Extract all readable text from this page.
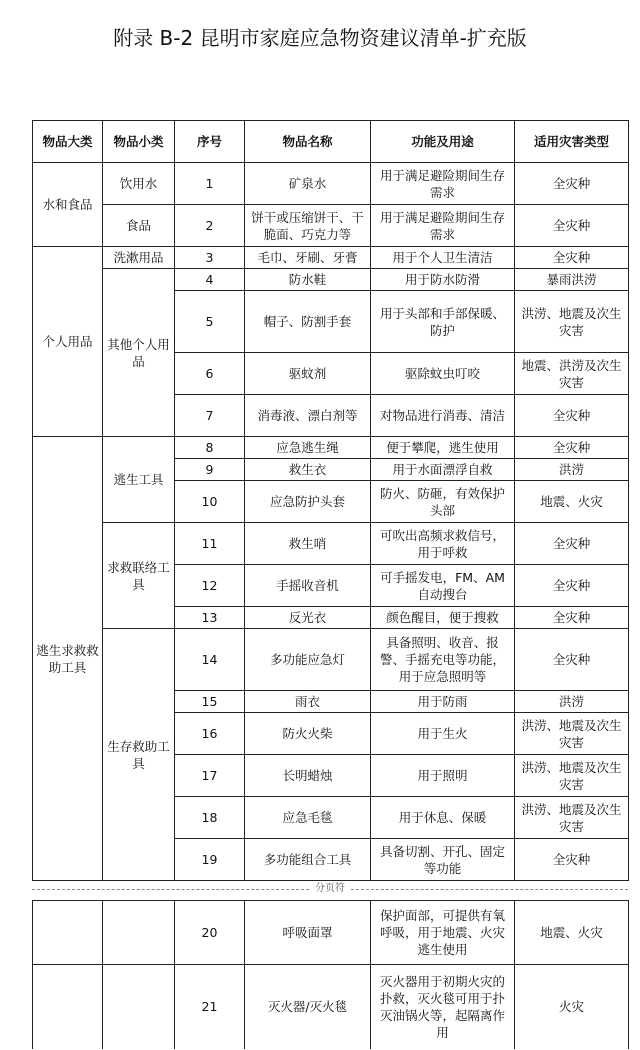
附录 B-2 昆明市家庭应急物资建议清单-扩充版
物品大类	物品小类	序号	物品名称	功能及用途	适用灾害类型
水和食品	饮用水	1	矿泉水	用于满足避险期间生存需求	全灾种
	食品	2	饼干或压缩饼干、干脆面、巧克力等	用于满足避险期间生存需求	全灾种
个人用品	洗漱用品	3	毛巾、牙刷、牙膏	用于个人卫生清洁	全灾种
	其他个人用品	4	防水鞋	用于防水防滑	暴雨洪涝
		5	帽子、防割手套	用于头部和手部保暖、防护	洪涝、地震及次生灾害
		6	驱蚊剂	驱除蚊虫叮咬	地震、洪涝及次生灾害
		7	消毒液、漂白剂等	对物品进行消毒、清洁	全灾种
逃生求救救助工具	逃生工具	8	应急逃生绳	便于攀爬，逃生使用	全灾种
		9	救生衣	用于水面漂浮自救	洪涝
		10	应急防护头套	防火、防砸，有效保护头部	地震、火灾
	求救联络工具	11	救生哨	可吹出高频求救信号，用于呼救	全灾种
		12	手摇收音机	可手摇发电，FM、AM自动搜台	全灾种
		13	反光衣	颜色醒目，便于搜救	全灾种
	生存救助工具	14	多功能应急灯	具备照明、收音、报警、手摇充电等功能，用于应急照明等	全灾种
		15	雨衣	用于防雨	洪涝
		16	防火火柴	用于生火	洪涝、地震及次生灾害
		17	长明蜡烛	用于照明	洪涝、地震及次生灾害
		18	应急毛毯	用于休息、保暖	洪涝、地震及次生灾害
		19	多功能组合工具	具备切割、开孔、固定等功能	全灾种
分页符
		20	呼吸面罩	保护面部，可提供有氧呼吸，用于地震、火灾逃生使用	地震、火灾
		21	灭火器/灭火毯	灭火器用于初期火灾的扑救，灭火毯可用于扑灭油锅火等，起隔离作用	火灾
